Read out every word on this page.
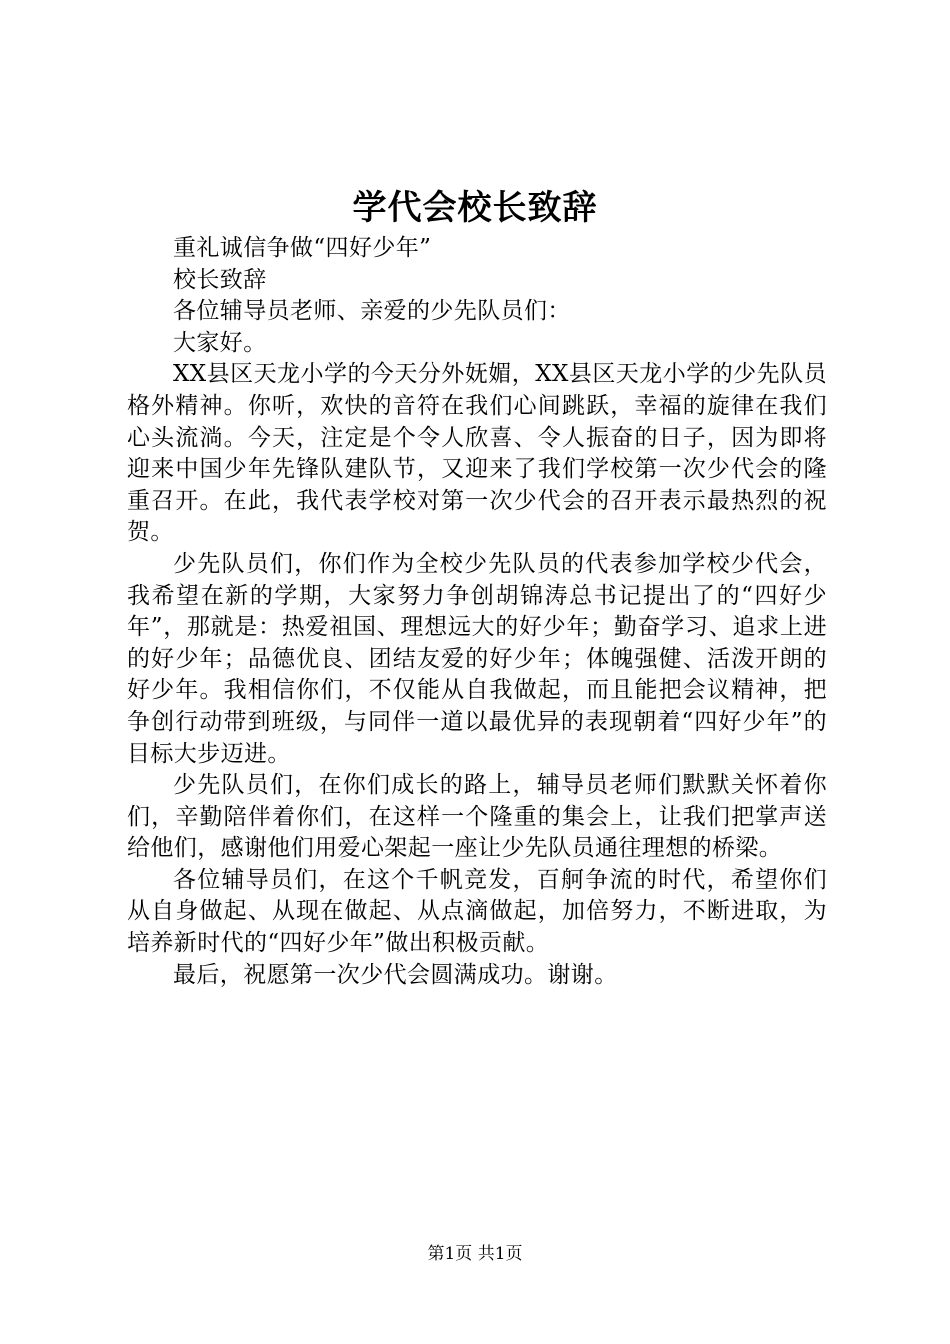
学代会校长致辞

重礼诚信争做“四好少年”

校长致辞

各位辅导员老师、亲爱的少先队员们：

大家好。

XX县区天龙小学的今天分外妩媚，XX县区天龙小学的少先队员格外精神。你听，欢快的音符在我们心间跳跃，幸福的旋律在我们心头流淌。今天，注定是个令人欣喜、令人振奋的日子，因为即将迎来中国少年先锋队建队节，又迎来了我们学校第一次少代会的隆重召开。在此，我代表学校对第一次少代会的召开表示最热烈的祝贺。

少先队员们，你们作为全校少先队员的代表参加学校少代会，我希望在新的学期，大家努力争创胡锦涛总书记提出了的“四好少年”，那就是：热爱祖国、理想远大的好少年；勤奋学习、追求上进的好少年；品德优良、团结友爱的好少年；体魄强健、活泼开朗的好少年。我相信你们，不仅能从自我做起，而且能把会议精神，把争创行动带到班级，与同伴一道以最优异的表现朝着“四好少年”的目标大步迈进。

少先队员们，在你们成长的路上，辅导员老师们默默关怀着你们，辛勤陪伴着你们，在这样一个隆重的集会上，让我们把掌声送给他们，感谢他们用爱心架起一座让少先队员通往理想的桥梁。

各位辅导员们，在这个千帆竞发，百舸争流的时代，希望你们从自身做起、从现在做起、从点滴做起，加倍努力，不断进取，为培养新时代的“四好少年”做出积极贡献。

最后，祝愿第一次少代会圆满成功。谢谢。

第1页 共1页
